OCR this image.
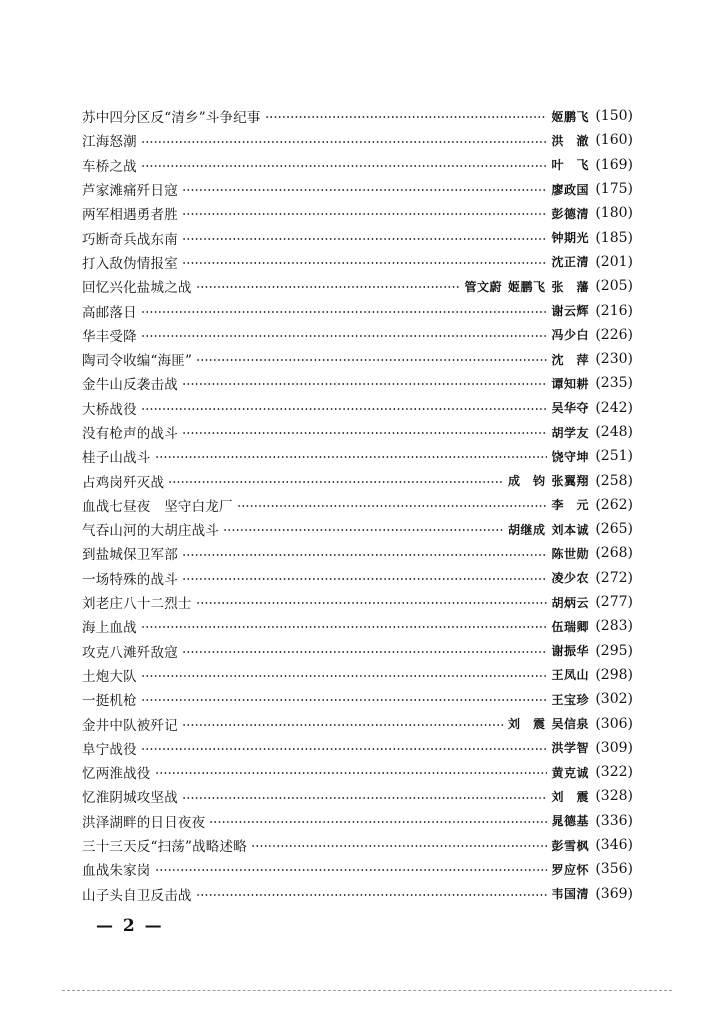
苏中四分区反“清乡”斗争纪事	姬鹏飞 (150)
江海怒潮	洪　澈 (160)
车桥之战	叶　飞 (169)
芦家滩痛歼日寇	廖政国 (175)
两军相遇勇者胜	彭德清 (180)
巧断奇兵战东南	钟期光 (185)
打入敌伪情报室	沈正清 (201)
回忆兴化盐城之战	管文蔚 姬鹏飞 张　藩 (205)
高邮落日	谢云辉 (216)
华丰受降	冯少白 (226)
陶司令收编“海匪”	沈　萍 (230)
金牛山反袭击战	谭知耕 (235)
大桥战役	吴华夺 (242)
没有枪声的战斗	胡学友 (248)
桂子山战斗	饶守坤 (251)
占鸡岗歼灭战	成　钧 张翼翔 (258)
血战七昼夜　坚守白龙厂	李　元 (262)
气吞山河的大胡庄战斗	胡继成 刘本诚 (265)
到盐城保卫军部	陈世勋 (268)
一场特殊的战斗	凌少农 (272)
刘老庄八十二烈士	胡炳云 (277)
海上血战	伍瑞卿 (283)
攻克八滩歼敌寇	谢振华 (295)
土炮大队	王凤山 (298)
一挺机枪	王宝珍 (302)
金井中队被歼记	刘　震 吴信泉 (306)
阜宁战役	洪学智 (309)
忆两淮战役	黄克诚 (322)
忆淮阴城攻坚战	刘　震 (328)
洪泽湖畔的日日夜夜	晁德基 (336)
三十三天反“扫荡”战略述略	彭雪枫 (346)
血战朱家岗	罗应怀 (356)
山子头自卫反击战	韦国清 (369)
— 2 —
